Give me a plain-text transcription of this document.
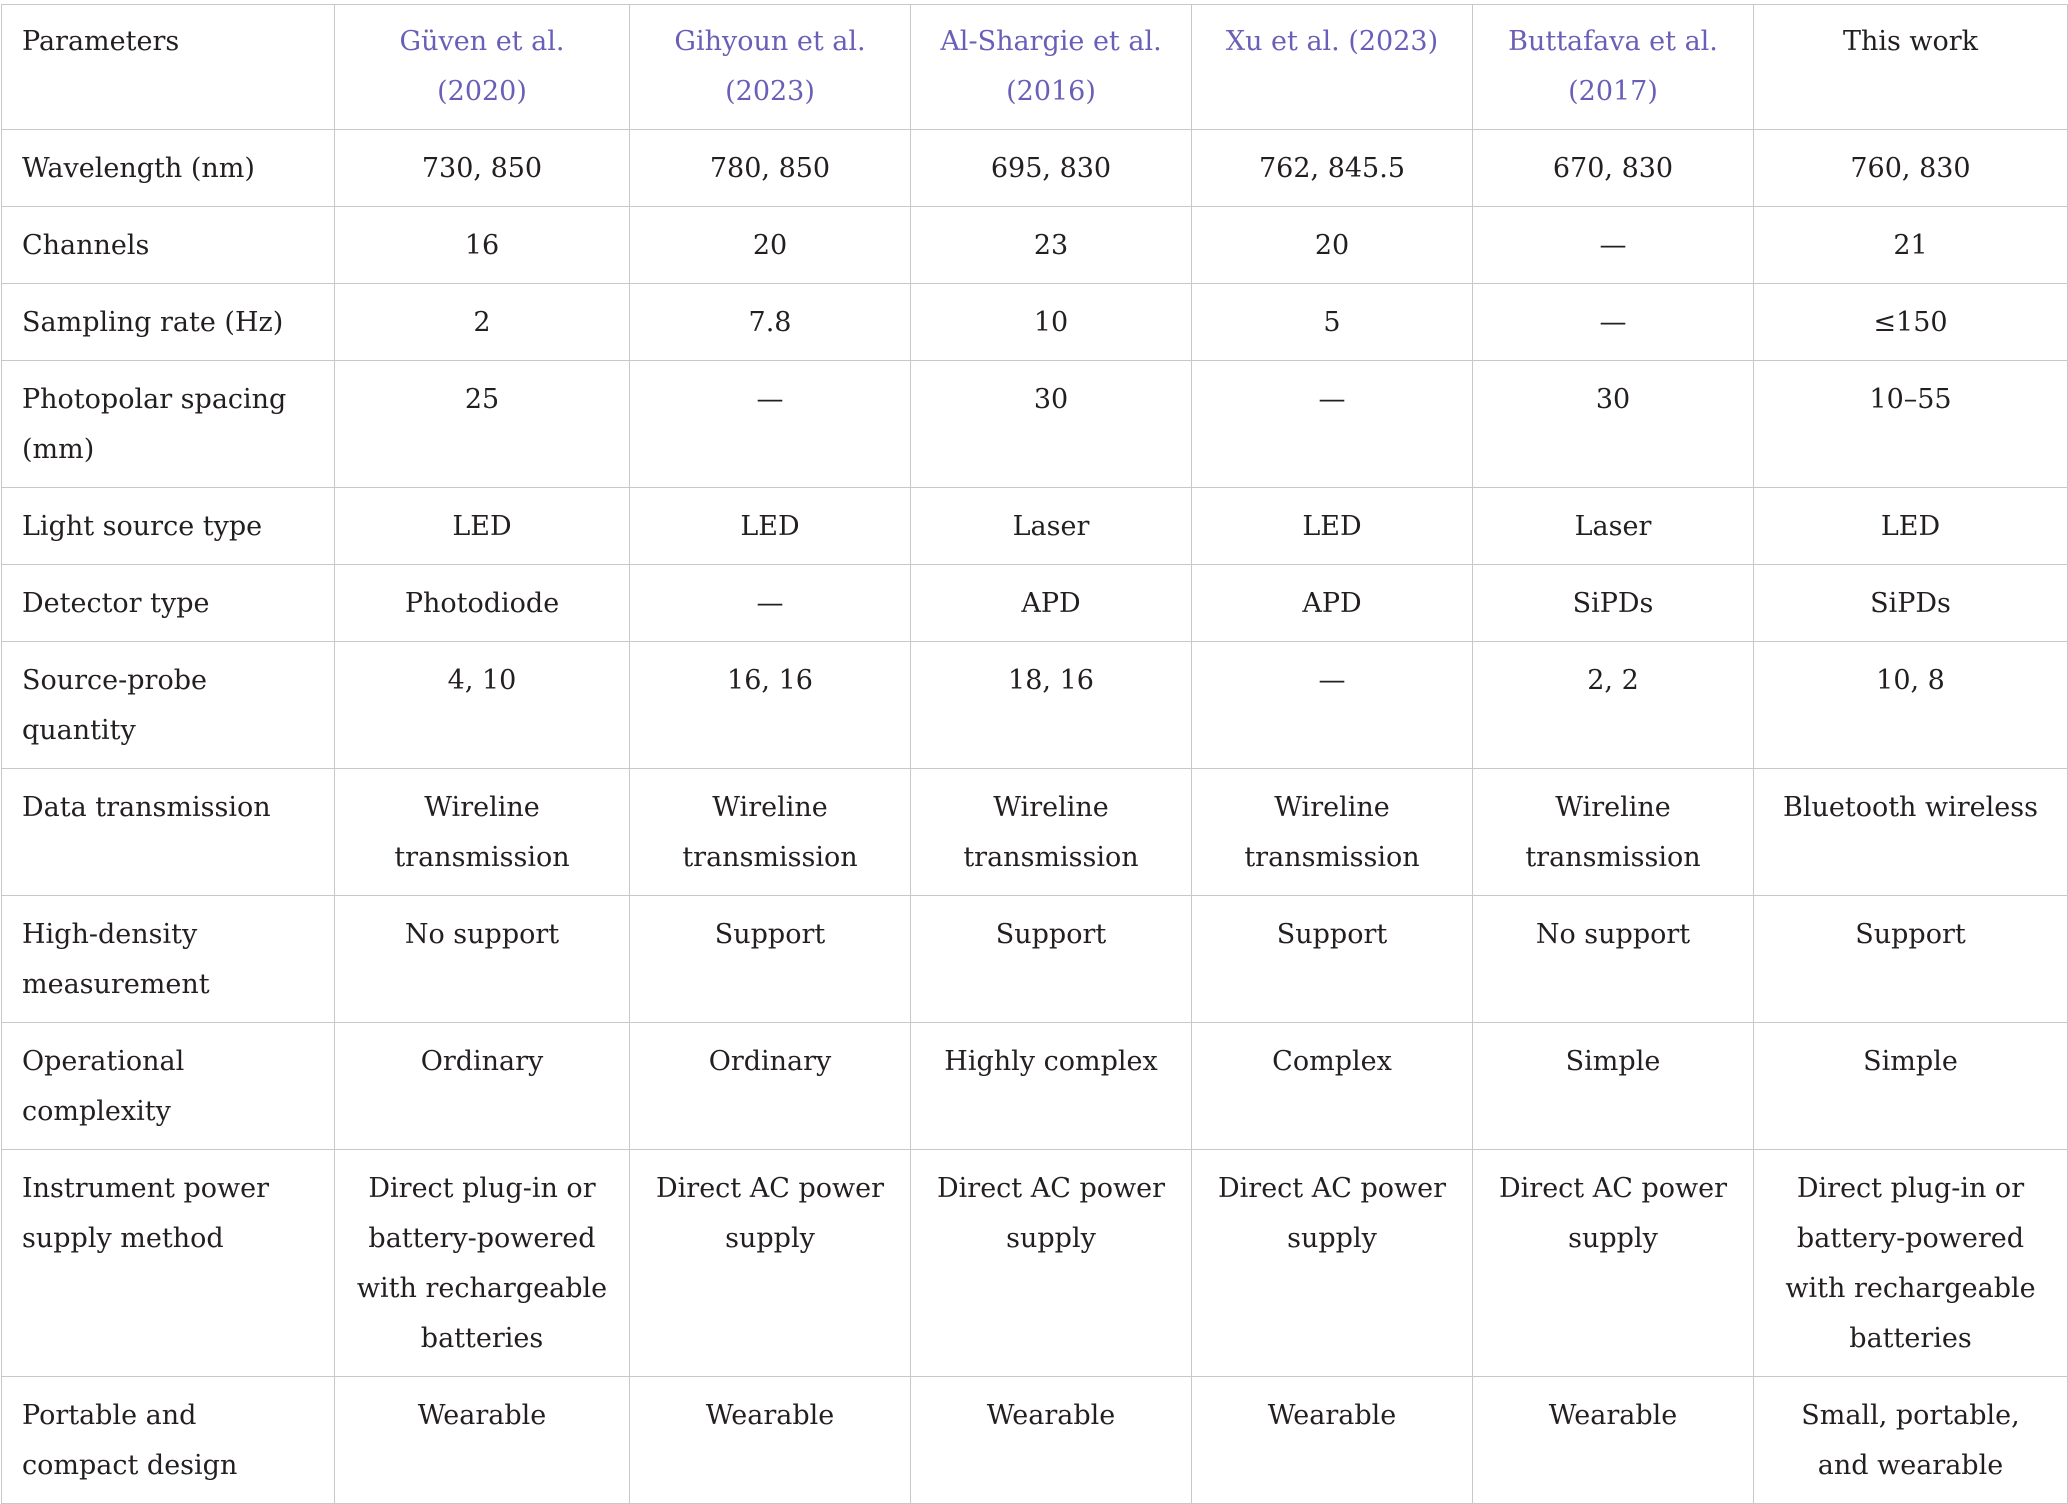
Parameters	Güven et al. (2020)	Gihyoun et al. (2023)	Al-Shargie et al. (2016)	Xu et al. (2023)	Buttafava et al. (2017)	This work
Wavelength (nm)	730, 850	780, 850	695, 830	762, 845.5	670, 830	760, 830
Channels	16	20	23	20	—	21
Sampling rate (Hz)	2	7.8	10	5	—	≤150
Photopolar spacing (mm)	25	—	30	—	30	10–55
Light source type	LED	LED	Laser	LED	Laser	LED
Detector type	Photodiode	—	APD	APD	SiPDs	SiPDs
Source-probe quantity	4, 10	16, 16	18, 16	—	2, 2	10, 8
Data transmission	Wireline transmission	Wireline transmission	Wireline transmission	Wireline transmission	Wireline transmission	Bluetooth wireless
High-density measurement	No support	Support	Support	Support	No support	Support
Operational complexity	Ordinary	Ordinary	Highly complex	Complex	Simple	Simple
Instrument power supply method	Direct plug-in or battery-powered with rechargeable batteries	Direct AC power supply	Direct AC power supply	Direct AC power supply	Direct AC power supply	Direct plug-in or battery-powered with rechargeable batteries
Portable and compact design	Wearable	Wearable	Wearable	Wearable	Wearable	Small, portable, and wearable
